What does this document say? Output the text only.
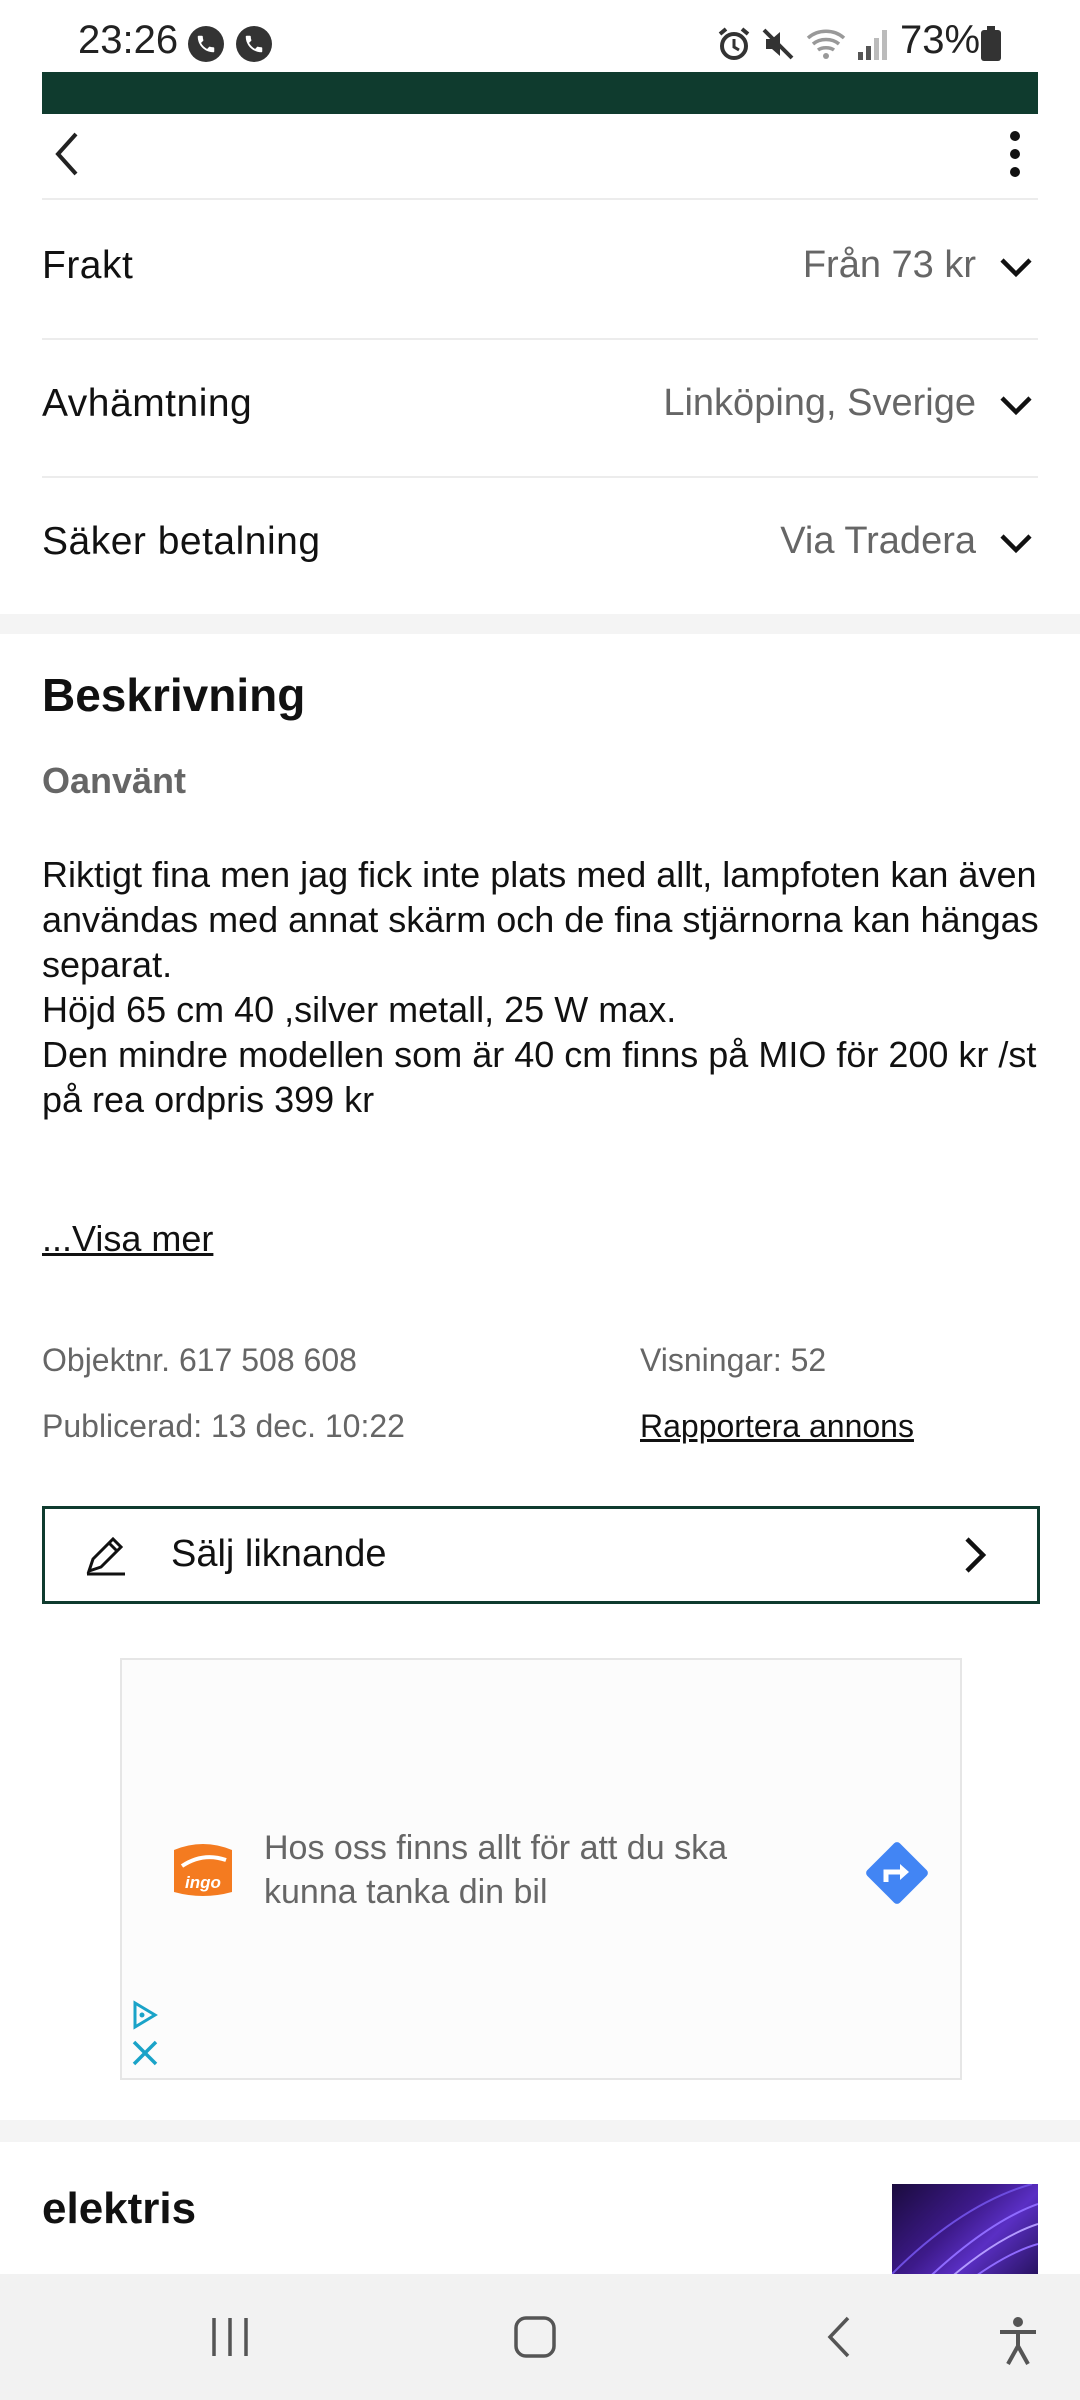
23:26	73%
Frakt	Från 73 kr
Avhämtning	Linköping, Sverige
Säker betalning	Via Tradera
Beskrivning
Oanvänt
Riktigt fina men jag fick inte plats med allt, lampfoten kan även
användas med annat skärm och de fina stjärnorna kan hängas separat.
Höjd 65 cm 40 ,silver metall, 25 W max.
Den mindre modellen som är 40 cm finns på MIO för 200 kr /st på rea ordpris 399 kr
...Visa mer
Objektnr. 617 508 608	Visningar: 52
Publicerad: 13 dec. 10:22	Rapportera annons
Sälj liknande
ingo
Hos oss finns allt för att du ska kunna tanka din bil
elektris
